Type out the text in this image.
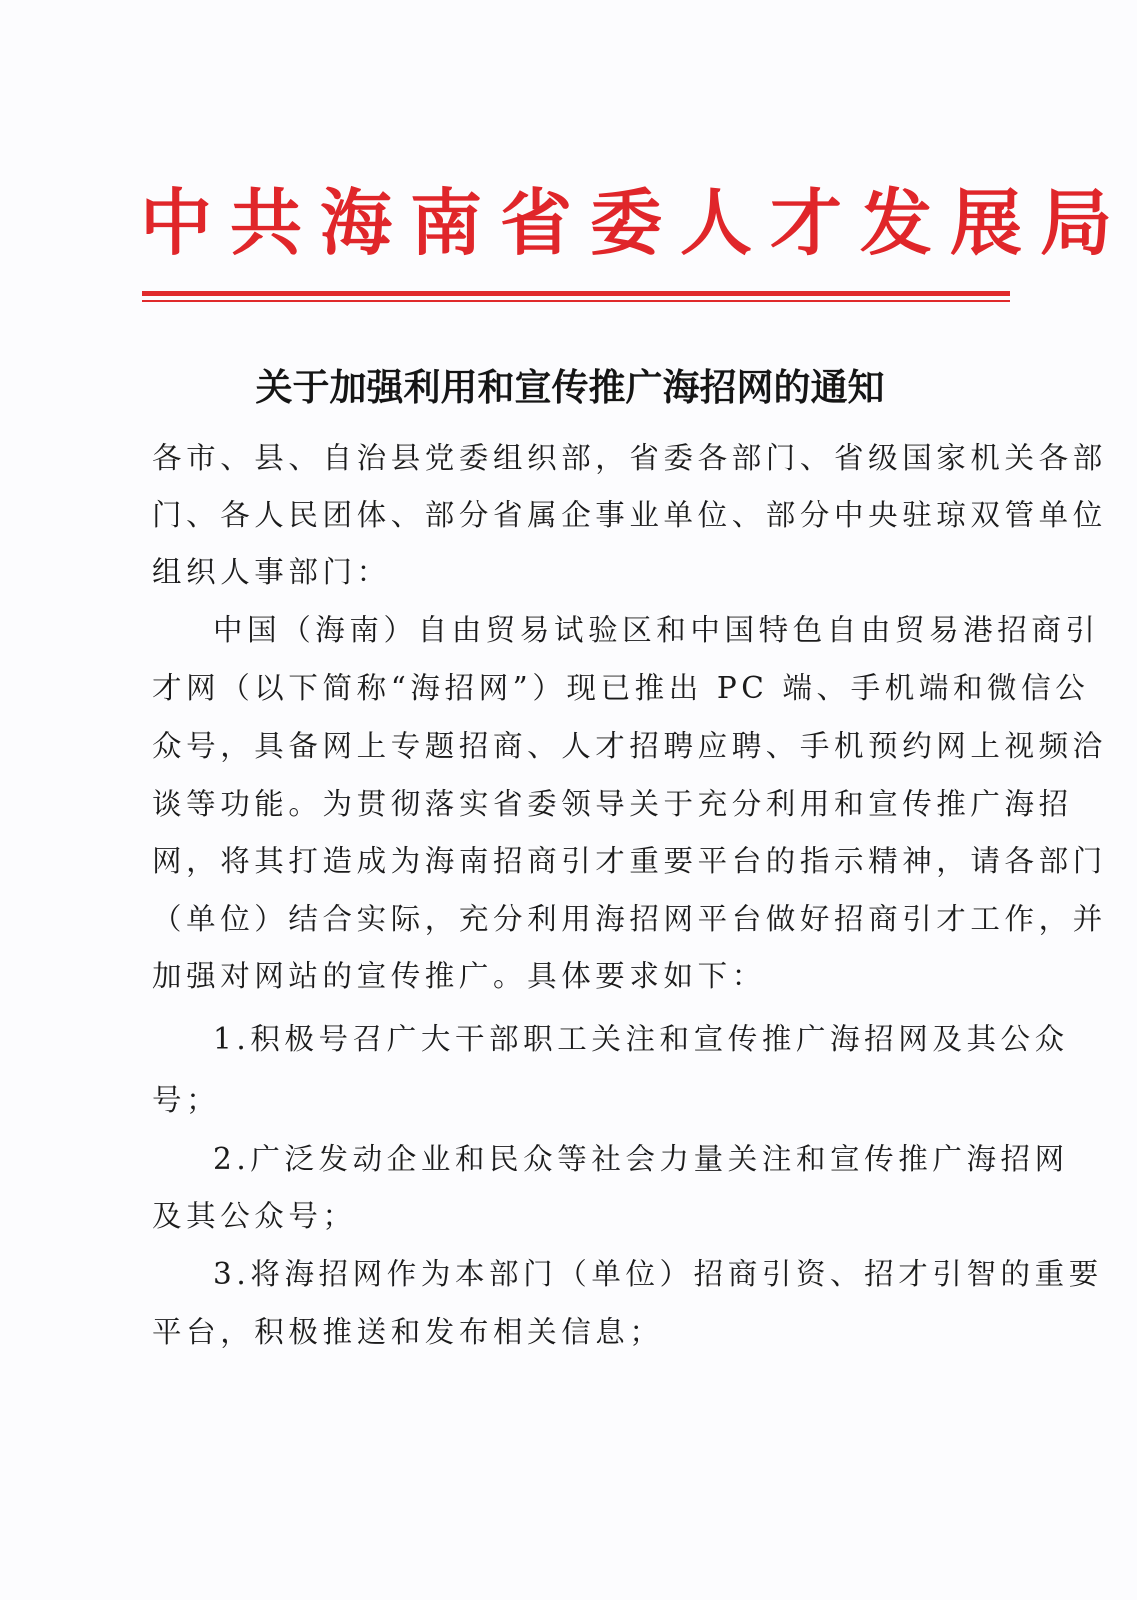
中共海南省委人才发展局
关于加强利用和宣传推广海招网的通知
各市、县、自治县党委组织部，省委各部门、省级国家机关各部
门、各人民团体、部分省属企事业单位、部分中央驻琼双管单位
组织人事部门：
中国（海南）自由贸易试验区和中国特色自由贸易港招商引
才网（以下简称“海招网”）现已推出 PC 端、手机端和微信公
众号，具备网上专题招商、人才招聘应聘、手机预约网上视频洽
谈等功能。为贯彻落实省委领导关于充分利用和宣传推广海招
网，将其打造成为海南招商引才重要平台的指示精神，请各部门
（单位）结合实际，充分利用海招网平台做好招商引才工作，并
加强对网站的宣传推广。具体要求如下：
1.积极号召广大干部职工关注和宣传推广海招网及其公众
号；
2.广泛发动企业和民众等社会力量关注和宣传推广海招网
及其公众号；
3.将海招网作为本部门（单位）招商引资、招才引智的重要
平台，积极推送和发布相关信息；
